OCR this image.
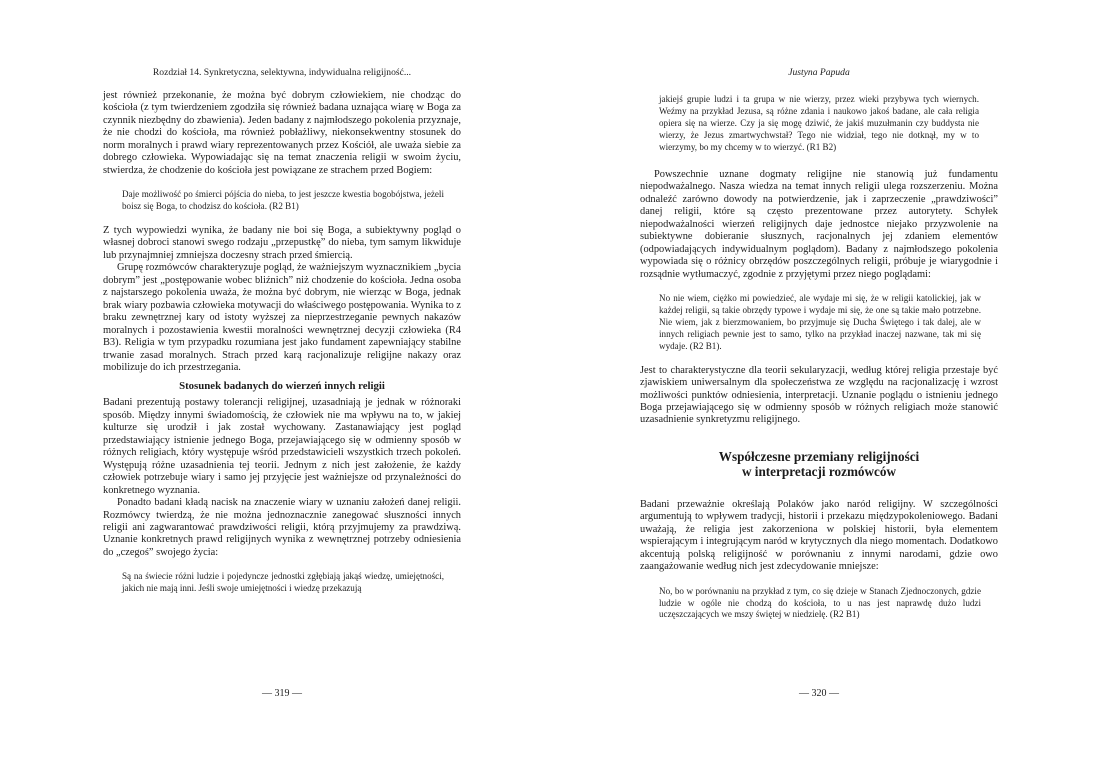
Rozdział 14. Synkretyczna, selektywna, indywidualna religijność...

jest również przekonanie, że można być dobrym człowiekiem, nie chodząc do kościoła (z tym twierdzeniem zgodziła się również badana uznająca wiarę w Boga za czynnik niezbędny do zbawienia). Jeden badany z najmłodszego pokolenia przyznaje, że nie chodzi do kościoła, ma również pobłażliwy, niekonsekwentny stosunek do norm moralnych i prawd wiary reprezentowanych przez Kościół, ale uważa siebie za dobrego człowieka. Wypowiadając się na temat znaczenia religii w swoim życiu, stwierdza, że chodzenie do kościoła jest powiązane ze strachem przed Bogiem:

Daje możliwość po śmierci pójścia do nieba, to jest jeszcze kwestia bogobójstwa, jeżeli boisz się Boga, to chodzisz do kościoła. (R2 B1)

Z tych wypowiedzi wynika, że badany nie boi się Boga, a subiektywny pogląd o własnej dobroci stanowi swego rodzaju „przepustkę” do nieba, tym samym likwiduje lub przynajmniej zmniejsza doczesny strach przed śmiercią.

Grupę rozmówców charakteryzuje pogląd, że ważniejszym wyznacznikiem „bycia dobrym” jest „postępowanie wobec bliźnich” niż chodzenie do kościoła. Jedna osoba z najstarszego pokolenia uważa, że można być dobrym, nie wierząc w Boga, jednak brak wiary pozbawia człowieka motywacji do właściwego postępowania. Wynika to z braku zewnętrznej kary od istoty wyższej za nieprzestrzeganie pewnych nakazów moralnych i pozostawienia kwestii moralności wewnętrznej decyzji człowieka (R4 B3). Religia w tym przypadku rozumiana jest jako fundament zapewniający stabilne trwanie zasad moralnych. Strach przed karą racjonalizuje religijne nakazy oraz mobilizuje do ich przestrzegania.

Stosunek badanych do wierzeń innych religii

Badani prezentują postawy tolerancji religijnej, uzasadniają je jednak w różnoraki sposób. Między innymi świadomością, że człowiek nie ma wpływu na to, w jakiej kulturze się urodził i jak został wychowany. Zastanawiający jest pogląd przedstawiający istnienie jednego Boga, przejawiającego się w odmienny sposób w różnych religiach, który występuje wśród przedstawicieli wszystkich trzech pokoleń. Występują różne uzasadnienia tej teorii. Jednym z nich jest założenie, że każdy człowiek potrzebuje wiary i samo jej przyjęcie jest ważniejsze od przynależności do konkretnego wyznania.

Ponadto badani kładą nacisk na znaczenie wiary w uznaniu założeń danej religii. Rozmówcy twierdzą, że nie można jednoznacznie zanegować słuszności innych religii ani zagwarantować prawdziwości religii, którą przyjmujemy za prawdziwą. Uznanie konkretnych prawd religijnych wynika z wewnętrznej potrzeby odniesienia do „czegoś” swojego życia:

Są na świecie różni ludzie i pojedyncze jednostki zgłębiają jakąś wiedzę, umiejętności, jakich nie mają inni. Jeśli swoje umiejętności i wiedzę przekazują

— 319 —
Justyna Papuda

jakiejś grupie ludzi i ta grupa w nie wierzy, przez wieki przybywa tych wiernych. Weźmy na przykład Jezusa, są różne zdania i naukowo jakoś badane, ale cała religia opiera się na wierze. Czy ja się mogę dziwić, że jakiś muzułmanin czy buddysta nie wierzy, że Jezus zmartwychwstał? Tego nie widział, tego nie dotknął, my w to wierzymy, bo my chcemy w to wierzyć. (R1 B2)

Powszechnie uznane dogmaty religijne nie stanowią już fundamentu niepodważalnego. Nasza wiedza na temat innych religii ulega rozszerzeniu. Można odnaleźć zarówno dowody na potwierdzenie, jak i zaprzeczenie „prawdziwości” danej religii, które są często prezentowane przez autorytety. Schyłek niepodważalności wierzeń religijnych daje jednostce niejako przyzwolenie na subiektywne dobieranie słusznych, racjonalnych jej zdaniem elementów (odpowiadających indywidualnym poglądom). Badany z najmłodszego pokolenia wypowiada się o różnicy obrzędów poszczególnych religii, próbuje je wiarygodnie i rozsądnie wytłumaczyć, zgodnie z przyjętymi przez niego poglądami:

No nie wiem, ciężko mi powiedzieć, ale wydaje mi się, że w religii katolickiej, jak w każdej religii, są takie obrzędy typowe i wydaje mi się, że one są takie mało potrzebne. Nie wiem, jak z bierzmowaniem, bo przyjmuje się Ducha Świętego i tak dalej, ale w innych religiach pewnie jest to samo, tylko na przykład inaczej nazwane, tak mi się wydaje. (R2 B1).

Jest to charakterystyczne dla teorii sekularyzacji, według której religia przestaje być zjawiskiem uniwersalnym dla społeczeństwa ze względu na racjonalizację i wzrost możliwości punktów odniesienia, interpretacji. Uznanie poglądu o istnieniu jednego Boga przejawiającego się w odmienny sposób w różnych religiach może stanowić uzasadnienie synkretyzmu religijnego.

Współczesne przemiany religijności
w interpretacji rozmówców

Badani przeważnie określają Polaków jako naród religijny. W szczególności argumentują to wpływem tradycji, historii i przekazu międzypokoleniowego. Badani uważają, że religia jest zakorzeniona w polskiej historii, była elementem wspierającym i integrującym naród w krytycznych dla niego momentach. Dodatkowo akcentują polską religijność w porównaniu z innymi narodami, gdzie owo zaangażowanie według nich jest zdecydowanie mniejsze:

No, bo w porównaniu na przykład z tym, co się dzieje w Stanach Zjednoczonych, gdzie ludzie w ogóle nie chodzą do kościoła, to u nas jest naprawdę dużo ludzi uczęszczających we mszy świętej w niedzielę. (R2 B1)

— 320 —
